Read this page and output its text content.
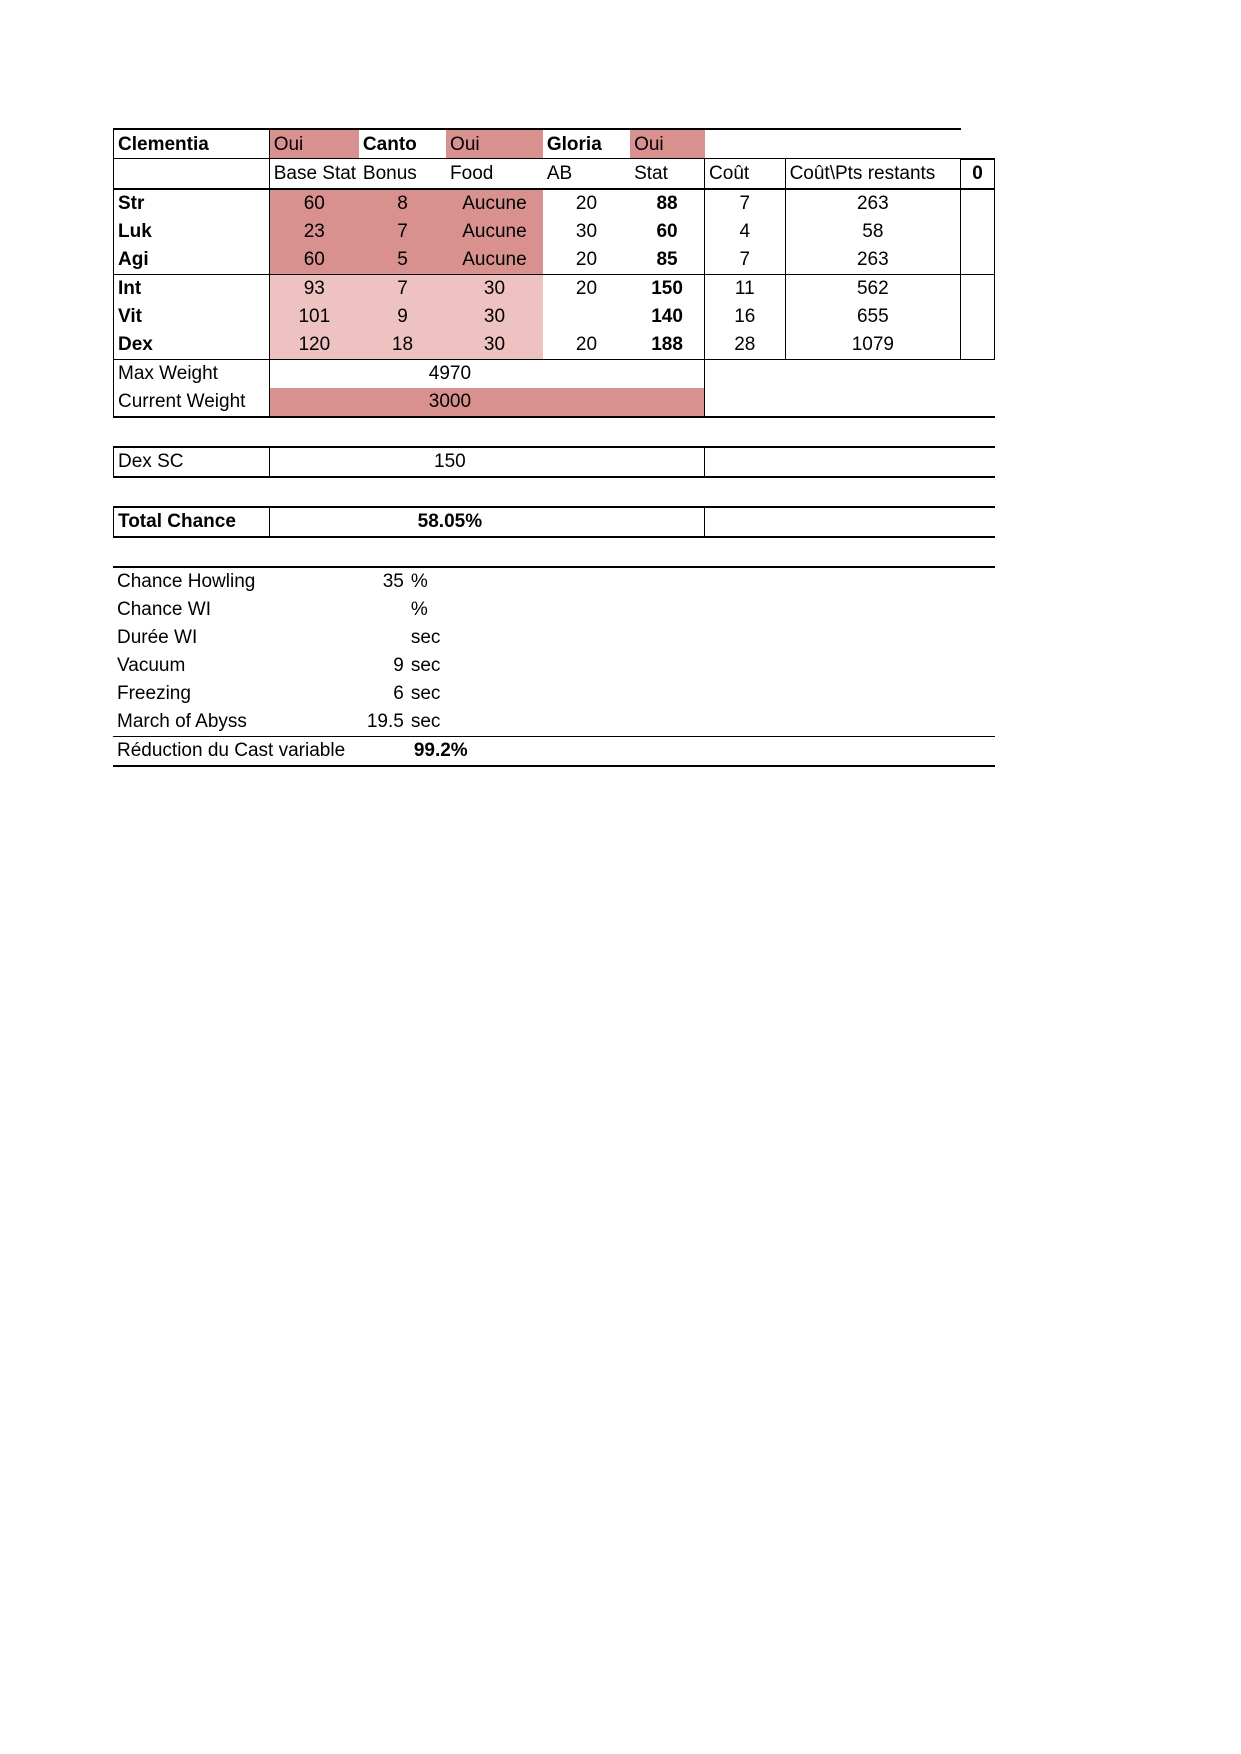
Clementia	Oui	Canto	Oui	Gloria	Oui			
	Base Stat	Bonus	Food	AB	Stat	Coût	Coût\Pts restants	0
Str	60	8	Aucune	20	88	7	263	
Luk	23	7	Aucune	30	60	4	58	
Agi	60	5	Aucune	20	85	7	263	
Int	93	7	30	20	150	11	562	
Vit	101	9	30		140	16	655	
Dex	120	18	30	20	188	28	1079	
Max Weight	4970							
Current Weight	3000							

Dex SC	150							

Total Chance	58.05%							

Chance Howling	35	%	
Chance WI		%	
Durée WI		sec	
Vacuum	9	sec	
Freezing	6	sec	
March of Abyss	19.5	sec	
Réduction du Cast variable		99.2%	
